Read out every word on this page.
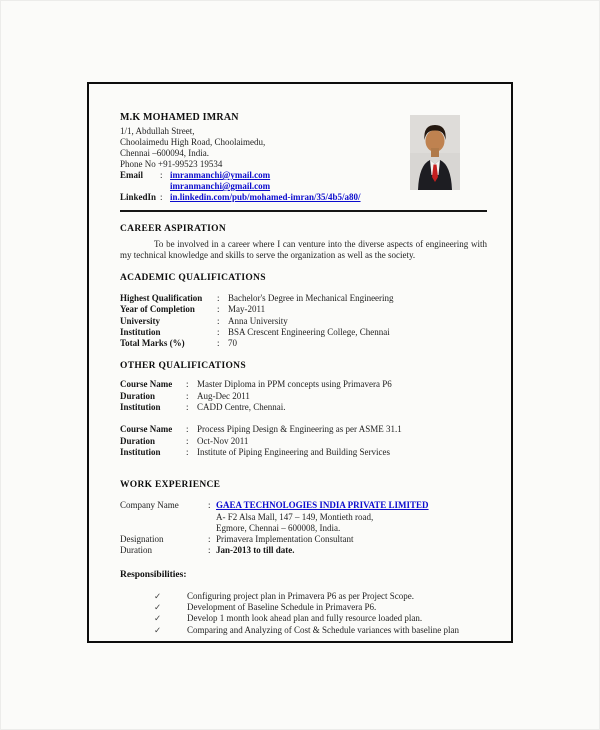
M.K MOHAMED IMRAN
1/1, Abdullah Street,
Choolaimedu High Road, Choolaimedu,
Chennai –600094, India.
Phone No +91-99523 19534
Email	: imranmanchi@ymail.com
imranmanchi@gmail.com
LinkedIn : in.linkedin.com/pub/mohamed-imran/35/4b5/a80/
CAREER ASPIRATION

To be involved in a career where I can venture into the diverse aspects of engineering with my technical knowledge and skills to serve the organization as well as the society.

ACADEMIC QUALIFICATIONS
Highest Qualification	: Bachelor's Degree in Mechanical Engineering
Year of Completion	: May-2011
University	: Anna University
Institution	: BSA Crescent Engineering College, Chennai
Total Marks (%)	: 70
OTHER QUALIFICATIONS
Course Name	: Master Diploma in PPM concepts using Primavera P6
Duration	: Aug-Dec 2011
Institution	: CADD Centre, Chennai.
Course Name	: Process Piping Design & Engineering as per ASME 31.1
Duration	: Oct-Nov 2011
Institution	: Institute of Piping Engineering and Building Services
WORK EXPERIENCE
Company Name	: GAEA TECHNOLOGIES INDIA PRIVATE LIMITED
A- F2 Alsa Mall, 147 – 149, Montieth road,
Egmore, Chennai – 600008, India.
Designation	: Primavera Implementation Consultant
Duration	: Jan-2013 to till date.
Responsibilities:
✓	Configuring project plan in Primavera P6 as per Project Scope.
✓	Development of Baseline Schedule in Primavera P6.
✓	Develop 1 month look ahead plan and fully resource loaded plan.
✓	Comparing and Analyzing of Cost & Schedule variances with baseline plan
